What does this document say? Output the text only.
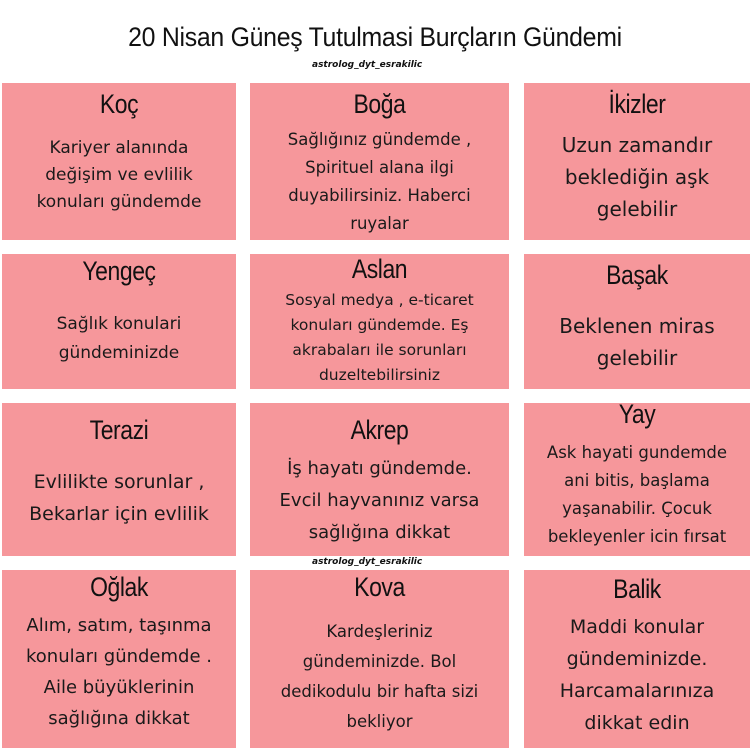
20 Nisan Güneş Tutulmasi Burçların Gündemi
astrolog_dyt_esrakilic
Koç
Kariyer alanında
değişim ve evlilik
konuları gündemde
Boğa
Sağlığınız gündemde ,
Spirituel alana ilgi
duyabilirsiniz. Haberci
ruyalar
İkizler
Uzun zamandır
beklediğin aşk
gelebilir
Yengeç
Sağlık konulari
gündeminizde
Aslan
Sosyal medya , e-ticaret
konuları gündemde. Eş
akrabaları ile sorunları
duzeltebilirsiniz
Başak
Beklenen miras
gelebilir
Terazi
Evlilikte sorunlar ,
Bekarlar için evlilik
Akrep
İş hayatı gündemde.
Evcil hayvanınız varsa
sağlığına dikkat
Yay
Ask hayati gundemde
ani bitis, başlama
yaşanabilir. Çocuk
bekleyenler icin fırsat
astrolog_dyt_esrakilic
Oğlak
Alım, satım, taşınma
konuları gündemde .
Aile büyüklerinin
sağlığına dikkat
Kova
Kardeşleriniz
gündeminizde. Bol
dedikodulu bir hafta sizi
bekliyor
Balik
Maddi konular
gündeminizde.
Harcamalarınıza
dikkat edin
